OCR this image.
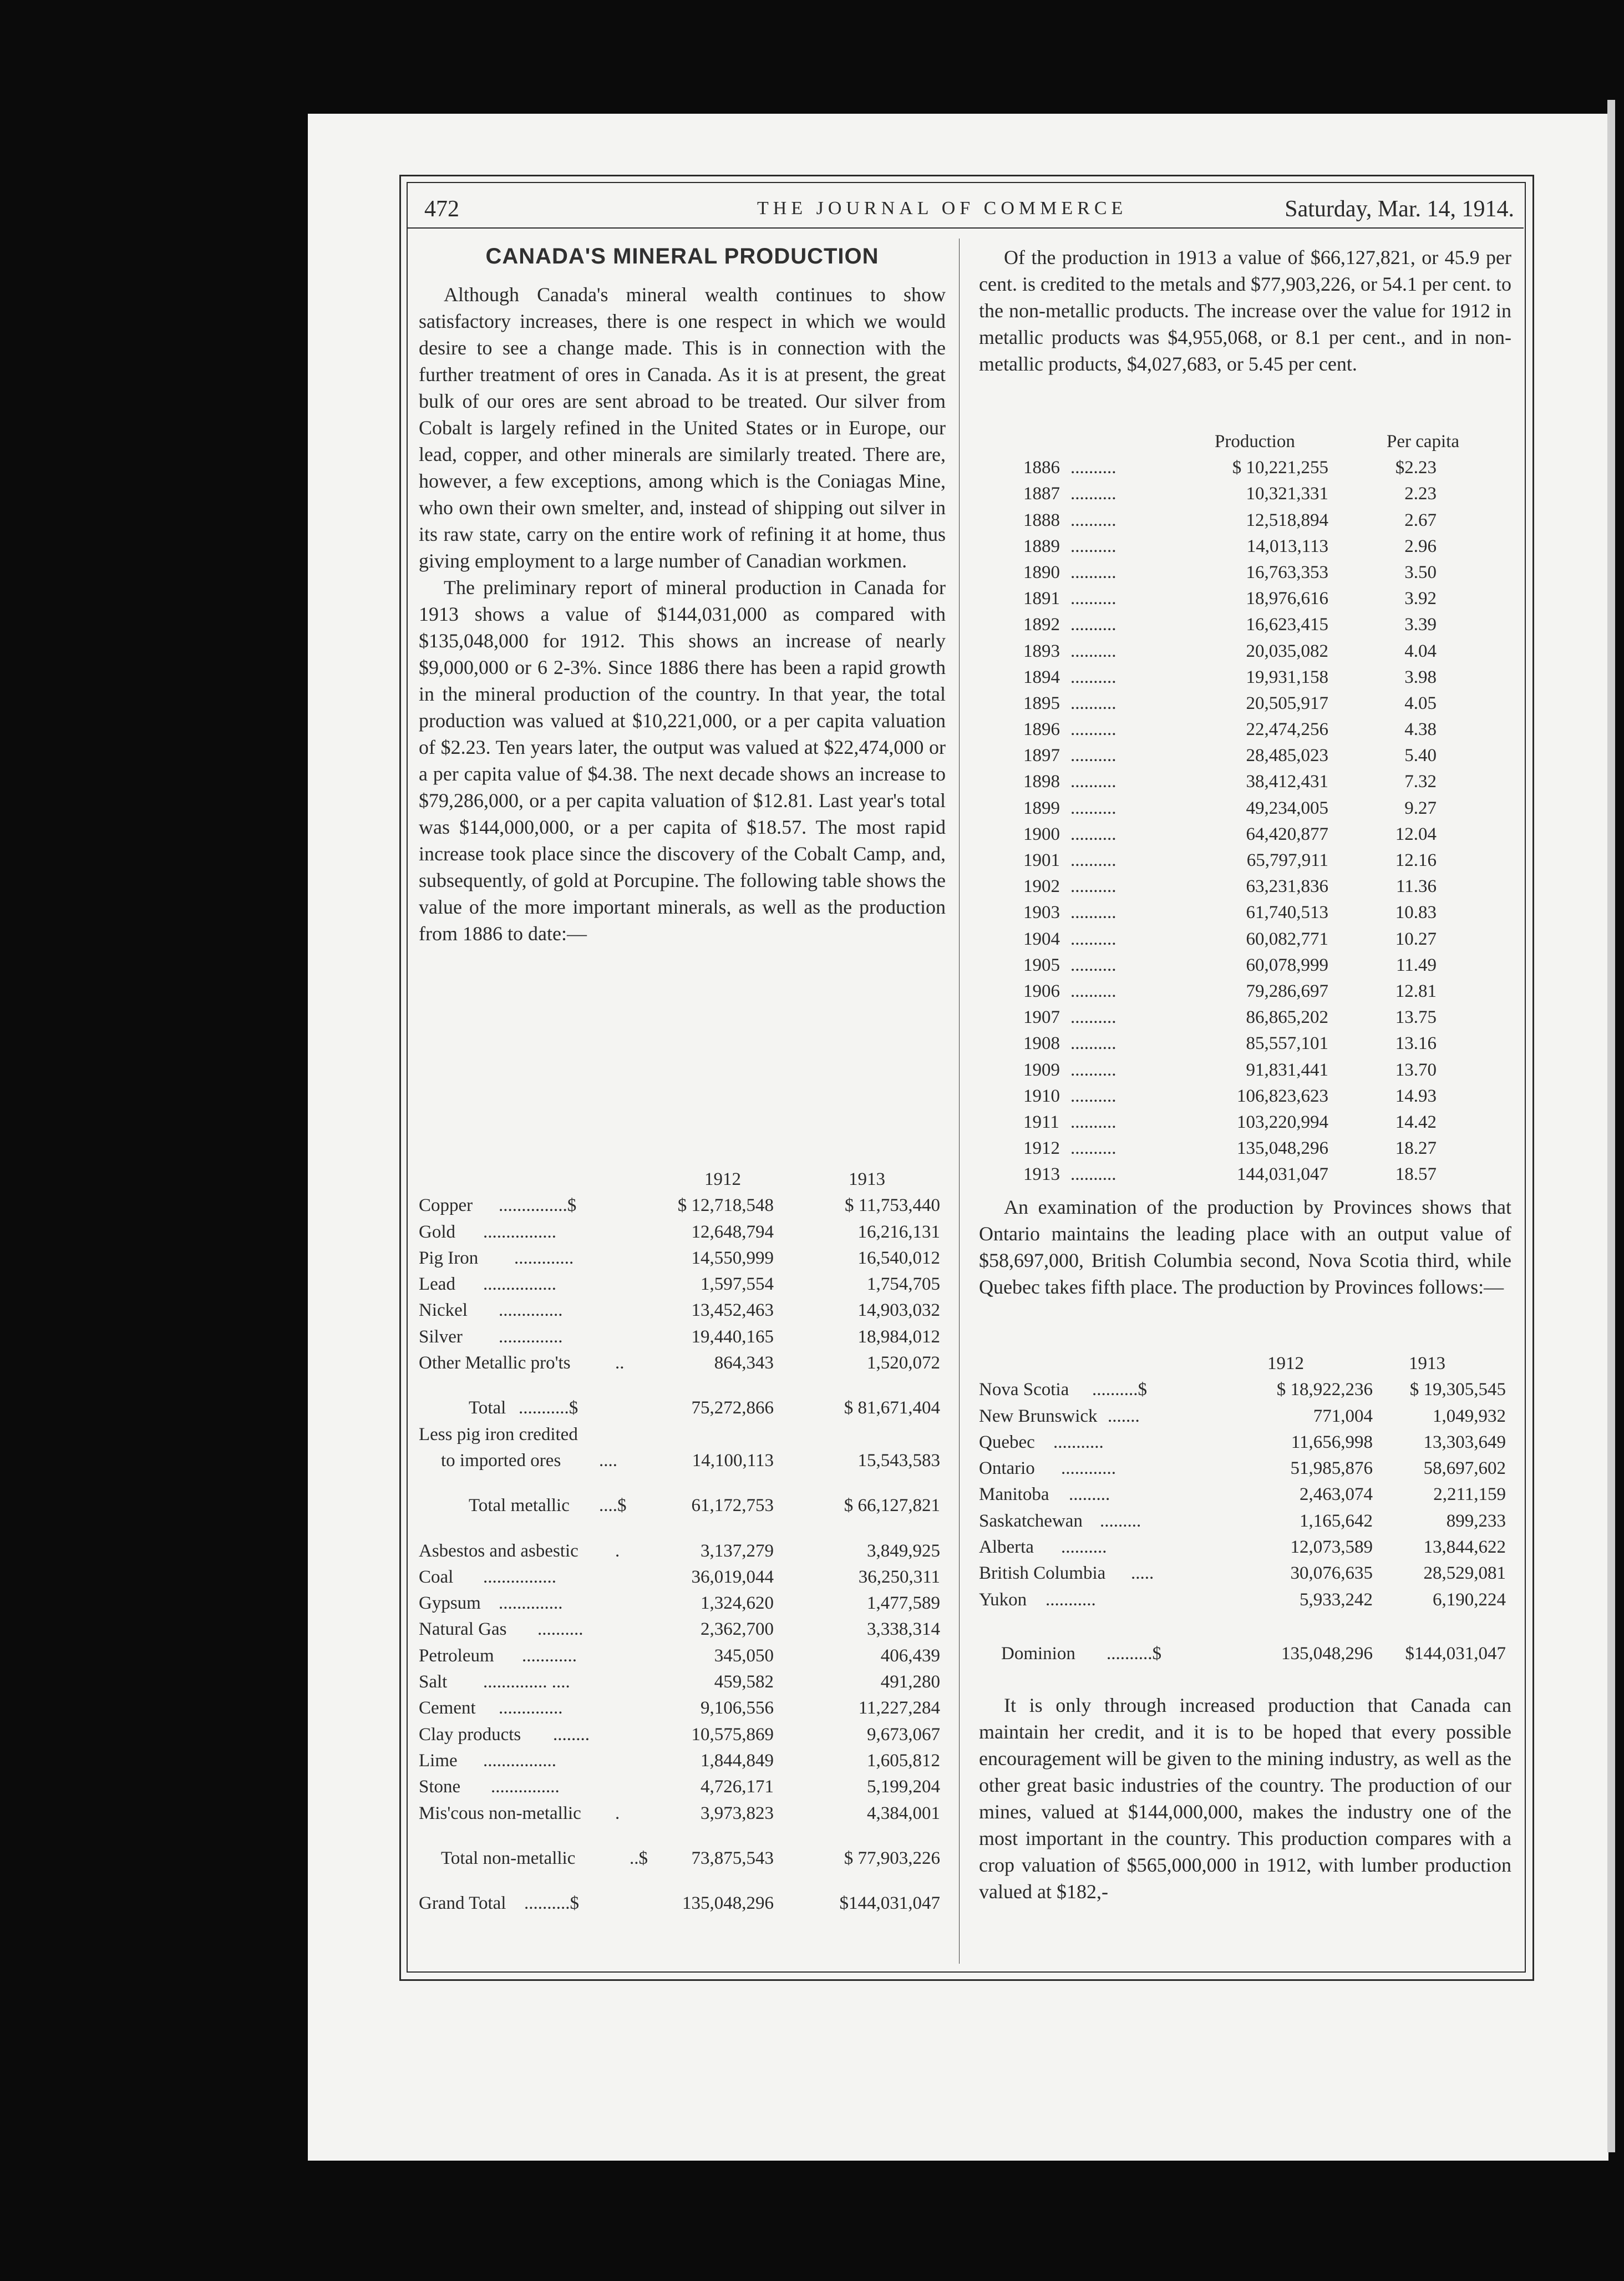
472	THE JOURNAL OF COMMERCE	Saturday, Mar. 14, 1914.
CANADA'S MINERAL PRODUCTION

Although Canada's mineral wealth continues to show satisfactory increases, there is one respect in which we would desire to see a change made. This is in connection with the further treatment of ores in Canada. As it is at present, the great bulk of our ores are sent abroad to be treated. Our silver from Cobalt is largely refined in the United States or in Europe, our lead, copper, and other minerals are similarly treated. There are, however, a few exceptions, among which is the Coniagas Mine, who own their own smelter, and, instead of shipping out silver in its raw state, carry on the entire work of refining it at home, thus giving employment to a large number of Canadian workmen.

The preliminary report of mineral production in Canada for 1913 shows a value of $144,031,000 as compared with $135,048,000 for 1912. This shows an increase of nearly $9,000,000 or 6 2-3%. Since 1886 there has been a rapid growth in the mineral production of the country. In that year, the total production was valued at $10,221,000, or a per capita valuation of $2.23. Ten years later, the output was valued at $22,474,000 or a per capita value of $4.38. The next decade shows an increase to $79,286,000, or a per capita valuation of $12.81. Last year's total was $144,000,000, or a per capita of $18.57. The most rapid increase took place since the discovery of the Cobalt Camp, and, subsequently, of gold at Porcupine. The following table shows the value of the more important minerals, as well as the production from 1886 to date:—

1912	1913
Copper ...............$	$ 12,718,548	$ 11,753,440
Gold ................	12,648,794	16,216,131
Pig Iron .............	14,550,999	16,540,012
Lead ................	1,597,554	1,754,705
Nickel ..............	13,452,463	14,903,032
Silver ..............	19,440,165	18,984,012
Other Metallic pro'ts ..	864,343	1,520,072
Total ...........$	75,272,866	$ 81,671,404
Less pig iron credited
to imported ores ....	14,100,113	15,543,583
Total metallic ....$	61,172,753	$ 66,127,821
Asbestos and asbestic .	3,137,279	3,849,925
Coal ................	36,019,044	36,250,311
Gypsum ..............	1,324,620	1,477,589
Natural Gas ..........	2,362,700	3,338,314
Petroleum ............	345,050	406,439
Salt .............. ....	459,582	491,280
Cement ..............	9,106,556	11,227,284
Clay products ........	10,575,869	9,673,067
Lime ................	1,844,849	1,605,812
Stone ...............	4,726,171	5,199,204
Mis'cous non-metallic .	3,973,823	4,384,001
Total non-metallic	..$	73,875,543	$ 77,903,226
Grand Total ..........$	135,048,296	$144,031,047

Of the production in 1913 a value of $66,127,821, or 45.9 per cent. is credited to the metals and $77,903,226, or 54.1 per cent. to the non-metallic products. The increase over the value for 1912 in metallic products was $4,955,068, or 8.1 per cent., and in non-metallic products, $4,027,683, or 5.45 per cent.

Production	Per capita
1886 ..........	$ 10,221,255	$2.23
1887 ..........	10,321,331	2.23
1888 ..........	12,518,894	2.67
1889 ..........	14,013,113	2.96
1890 ..........	16,763,353	3.50
1891 ..........	18,976,616	3.92
1892 ..........	16,623,415	3.39
1893 ..........	20,035,082	4.04
1894 ..........	19,931,158	3.98
1895 ..........	20,505,917	4.05
1896 ..........	22,474,256	4.38
1897 ..........	28,485,023	5.40
1898 ..........	38,412,431	7.32
1899 ..........	49,234,005	9.27
1900 ..........	64,420,877	12.04
1901 ..........	65,797,911	12.16
1902 ..........	63,231,836	11.36
1903 ..........	61,740,513	10.83
1904 ..........	60,082,771	10.27
1905 ..........	60,078,999	11.49
1906 ..........	79,286,697	12.81
1907 ..........	86,865,202	13.75
1908 ..........	85,557,101	13.16
1909 ..........	91,831,441	13.70
1910 ..........	106,823,623	14.93
1911 ..........	103,220,994	14.42
1912 ..........	135,048,296	18.27
1913 ..........	144,031,047	18.57

An examination of the production by Provinces shows that Ontario maintains the leading place with an output value of $58,697,000, British Columbia second, Nova Scotia third, while Quebec takes fifth place. The production by Provinces follows:—

1912	1913
Nova Scotia ..........$	$ 18,922,236	$ 19,305,545
New Brunswick .......	771,004	1,049,932
Quebec ...........	11,656,998	13,303,649
Ontario ............	51,985,876	58,697,602
Manitoba .........	2,463,074	2,211,159
Saskatchewan .........	1,165,642	899,233
Alberta ..........	12,073,589	13,844,622
British Columbia .....	30,076,635	28,529,081
Yukon ...........	5,933,242	6,190,224
Dominion ..........$	135,048,296	$144,031,047

It is only through increased production that Canada can maintain her credit, and it is to be hoped that every possible encouragement will be given to the mining industry, as well as the other great basic industries of the country. The production of our mines, valued at $144,000,000, makes the industry one of the most important in the country. This production compares with a crop valuation of $565,000,000 in 1912, with lumber production valued at $182,-
